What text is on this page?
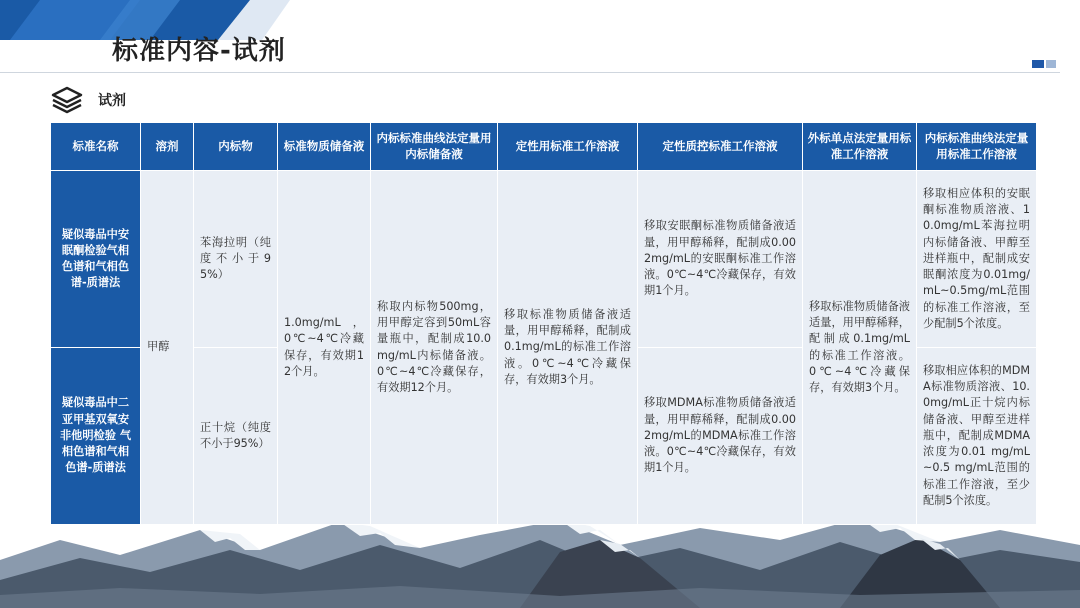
标准内容-试剂
试剂
标准名称	溶剂	内标物	标准物质储备液	内标标准曲线法定量用内标储备液	定性用标准工作溶液	定性质控标准工作溶液	外标单点法定量用标准工作溶液	内标标准曲线法定量用标准工作溶液
疑似毒品中安眠酮检验气相色谱和气相色谱-质谱法	甲醇	苯海拉明（纯度不小于95%）	1.0mg/mL，0℃~4℃冷藏保存，有效期12个月。	称取内标物500mg，用甲醇定容到50mL容量瓶中，配制成10.0mg/mL内标储备液。0℃~4℃冷藏保存，有效期12个月。	移取标准物质储备液适量，用甲醇稀释，配制成0.1mg/mL的标准工作溶液。0℃~4℃冷藏保存，有效期3个月。	移取安眠酮标准物质储备液适量，用甲醇稀释，配制成0.002mg/mL的安眠酮标准工作溶液。0℃~4℃冷藏保存，有效期1个月。	移取标准物质储备液适量，用甲醇稀释，配制成0.1mg/mL的标准工作溶液。0℃~4℃冷藏保存，有效期3个月。	移取相应体积的安眠酮标准物质溶液、10.0mg/mL苯海拉明内标储备液、甲醇至进样瓶中，配制成安眠酮浓度为0.01mg/mL~0.5mg/mL范围的标准工作溶液，至少配制5个浓度。
疑似毒品中二亚甲基双氧安非他明检验 气相色谱和气相色谱-质谱法		正十烷（纯度不小于95%）				移取MDMA标准物质储备液适量，用甲醇稀释，配制成0.002mg/mL的MDMA标准工作溶液。0℃~4℃冷藏保存，有效期1个月。		移取相应体积的MDMA标准物质溶液、10.0mg/mL正十烷内标储备液、甲醇至进样瓶中，配制成MDMA浓度为0.01 mg/mL~0.5 mg/mL范围的标准工作溶液，至少配制5个浓度。
